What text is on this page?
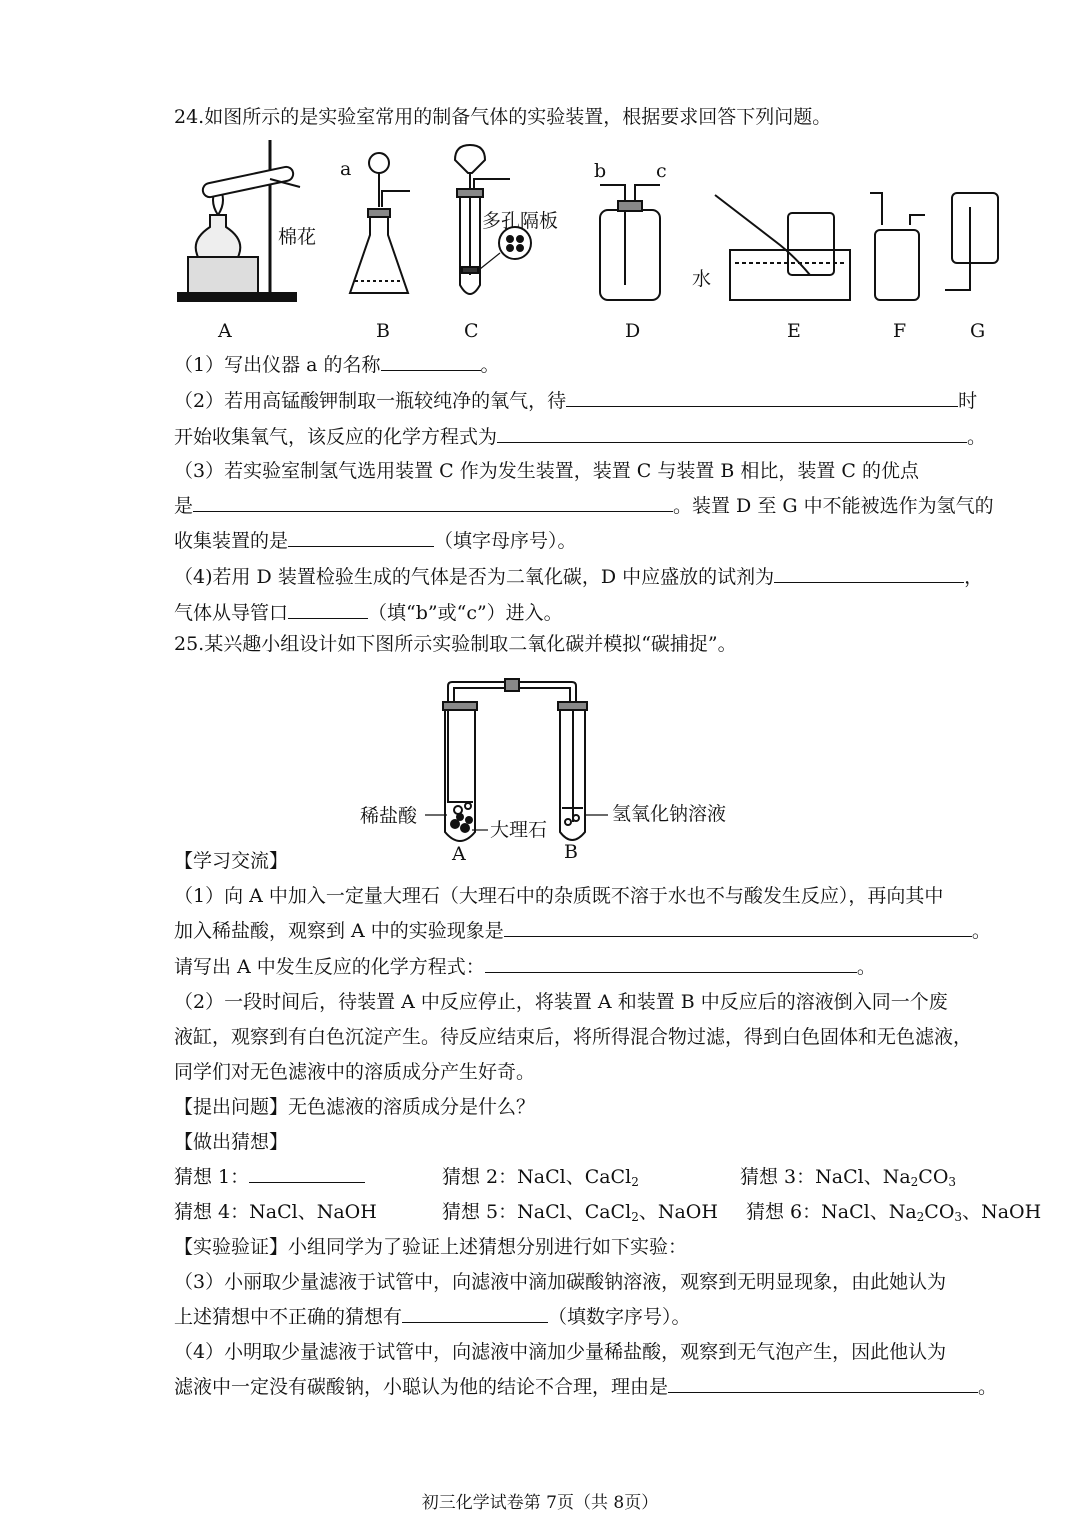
24.如图所示的是实验室常用的制备气体的实验装置，根据要求回答下列问题。
A	B	C	D	E	F	G
a	b	c
棉花
多孔隔板
水
（1）写出仪器 a 的名称	。
（2）若用高锰酸钾制取一瓶较纯净的氧气，待	时
开始收集氧气，该反应的化学方程式为	。
（3）若实验室制氢气选用装置 C 作为发生装置，装置 C 与装置 B 相比，装置 C 的优点
是	。装置 D 至 G 中不能被选作为氢气的
收集装置的是	（填字母序号）。
（4)若用 D 装置检验生成的气体是否为二氧化碳，D 中应盛放的试剂为	，
气体从导管口	（填“b”或“c”）进入。
25.某兴趣小组设计如下图所示实验制取二氧化碳并模拟“碳捕捉”。
稀盐酸
大理石
氢氧化钠溶液
A	B
【学习交流】
（1）向 A 中加入一定量大理石（大理石中的杂质既不溶于水也不与酸发生反应），再向其中
加入稀盐酸，观察到 A 中的实验现象是	。
请写出 A 中发生反应的化学方程式：	。
（2）一段时间后，待装置 A 中反应停止，将装置 A 和装置 B 中反应后的溶液倒入同一个废
液缸，观察到有白色沉淀产生。待反应结束后，将所得混合物过滤，得到白色固体和无色滤液，
同学们对无色滤液中的溶质成分产生好奇。
【提出问题】无色滤液的溶质成分是什么？
【做出猜想】
猜想 1：	猜想 2：NaCl、CaCl$_2$	猜想 3：NaCl、$Na_2CO_3$
猜想 4：NaCl、NaOH	猜想 5：NaCl、CaCl$_2$、NaOH 猜想 6：NaCl、$Na_2CO_3$、NaOH
【实验验证】小组同学为了验证上述猜想分别进行如下实验：
（3）小丽取少量滤液于试管中，向滤液中滴加碳酸钠溶液，观察到无明显现象，由此她认为
上述猜想中不正确的猜想有	（填数字序号）。
（4）小明取少量滤液于试管中，向滤液中滴加少量稀盐酸，观察到无气泡产生，因此他认为
滤液中一定没有碳酸钠，小聪认为他的结论不合理，理由是	。
初三化学试卷第 7页（共 8页）
